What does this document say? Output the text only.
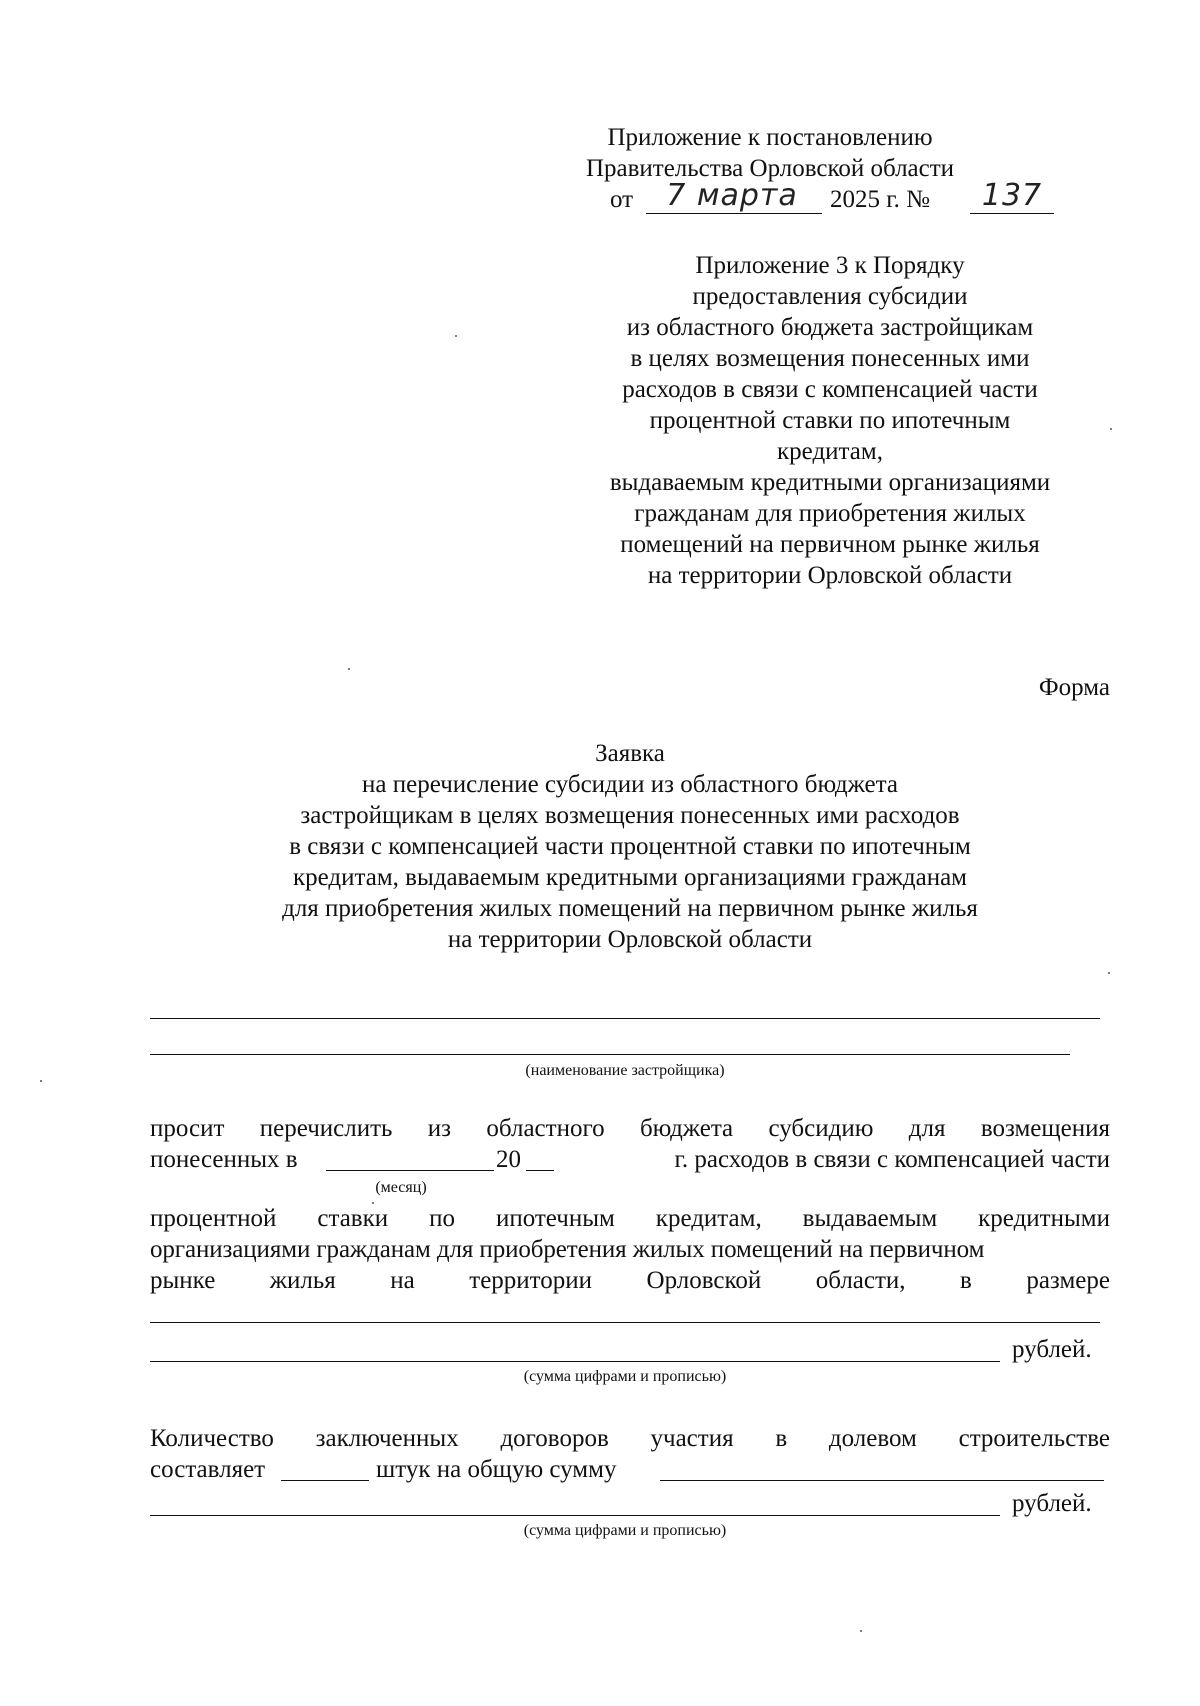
Приложение к постановлению
Правительства Орловской области
от	7 марта	2025 г. № 137
Приложение 3 к Порядку
предоставления субсидии
из областного бюджета застройщикам
в целях возмещения понесенных ими
расходов в связи с компенсацией части
процентной ставки по ипотечным
кредитам,
выдаваемым кредитными организациями
гражданам для приобретения жилых
помещений на первичном рынке жилья
на территории Орловской области
Форма
Заявка
на перечисление субсидии из областного бюджета
застройщикам в целях возмещения понесенных ими расходов
в связи с компенсацией части процентной ставки по ипотечным
кредитам, выдаваемым кредитными организациями гражданам
для приобретения жилых помещений на первичном рынке жилья
на территории Орловской области
(наименование застройщика)
просит перечислить из областного бюджета субсидию для возмещения
понесенных в	20	г. расходов в связи с компенсацией части
(месяц)
процентной ставки по ипотечным кредитам, выдаваемым кредитными
организациями гражданам для приобретения жилых помещений на первичном
рынке жилья на территории Орловской области, в размере
рублей.
(сумма цифрами и прописью)
Количество заключенных договоров участия в долевом строительстве
составляет	штук на общую сумму
рублей.
(сумма цифрами и прописью)
